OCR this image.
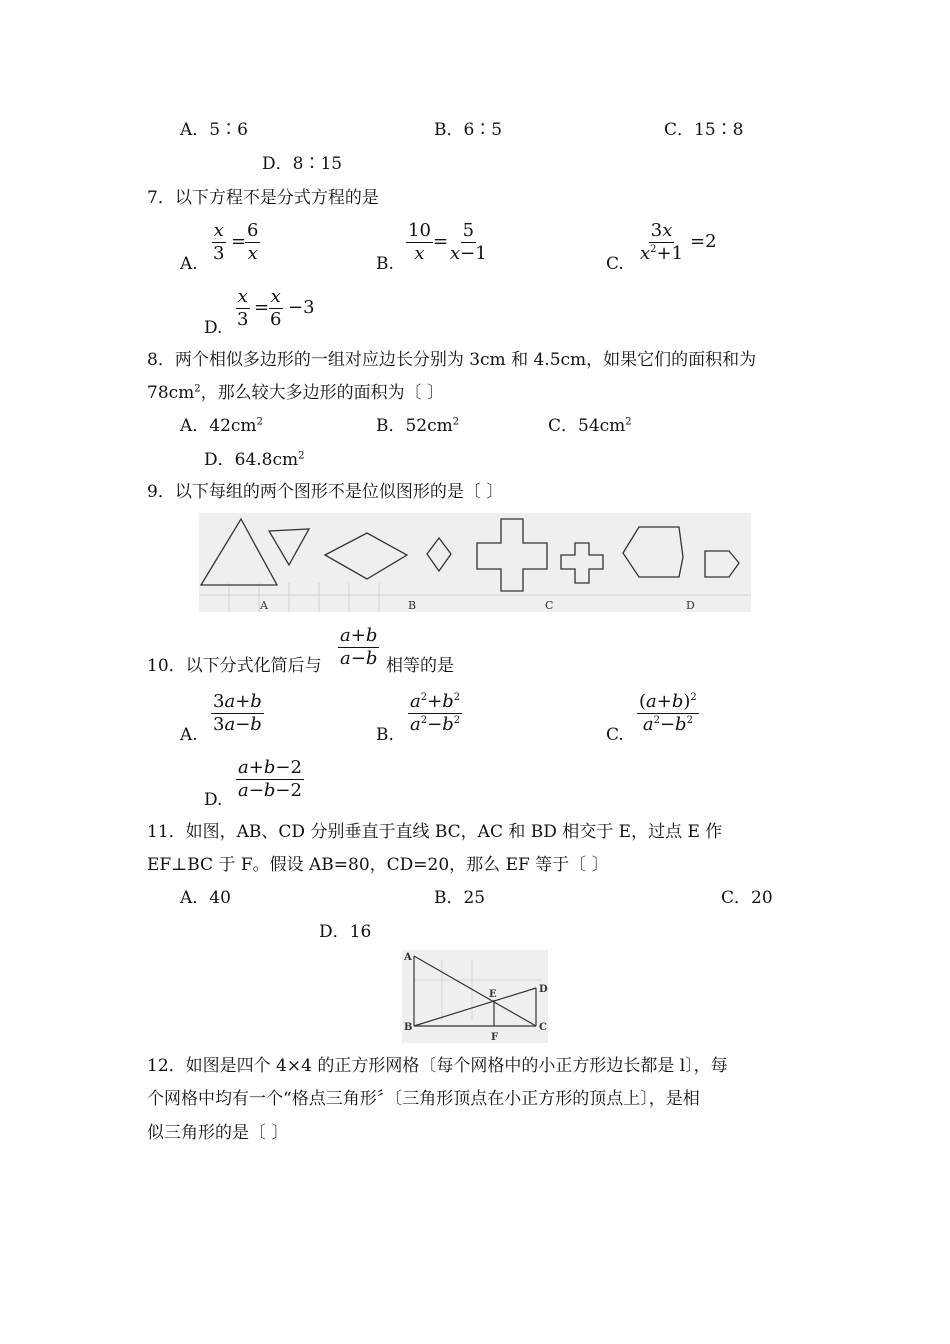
A．5∶6	B．6∶5	C．15∶8
D．8∶15
7．以下方程不是分式方程的是
A. $\frac{x}{3}$ =
$\frac{6}{x}$	B. $\frac{10}{x} = \frac{5}{x-1}$	C. $\frac{3x}{x^2+1} =2$
D. $\frac{x}{3}$ =
$\frac{x}{6} -3$
8．两个相似多边形的一组对应边长分别为 3cm 和 4.5cm，如果它们的面积和为
$78cm^2$，那么较大多边形的面积为〔 〕
A．$42cm^2$	B．$52cm^2$	C．$54cm^2$
D．$64.8cm^2$
9．以下每组的两个图形不是位似图形的是〔 〕
A	B	C	D
10．以下分式化简后与 $\frac{a+b}{a-b}$ 相等的是
A. $\frac{3a+b}{3a-b}$	B. $\frac{a^2+b^2}{a^2-b^2}$	C. $\frac{(a+b)^2}{a^2-b^2}$
D. $\frac{a+b-2}{a-b-2}$
11．如图，AB、CD 分别垂直于直线 BC，AC 和 BD 相交于 E，过点 E 作
EF⊥BC 于 F。假设 AB=80，CD=20，那么 EF 等于〔 〕
A．40	B．25	C．20
D．16
A
B	C
D
E
F
12．如图是四个 4×4 的正方形网格〔每个网格中的小正方形边长都是 l〕，每
个网格中均有一个“格点三角形〞〔三角形顶点在小正方形的顶点上〕，是相
似三角形的是〔 〕
